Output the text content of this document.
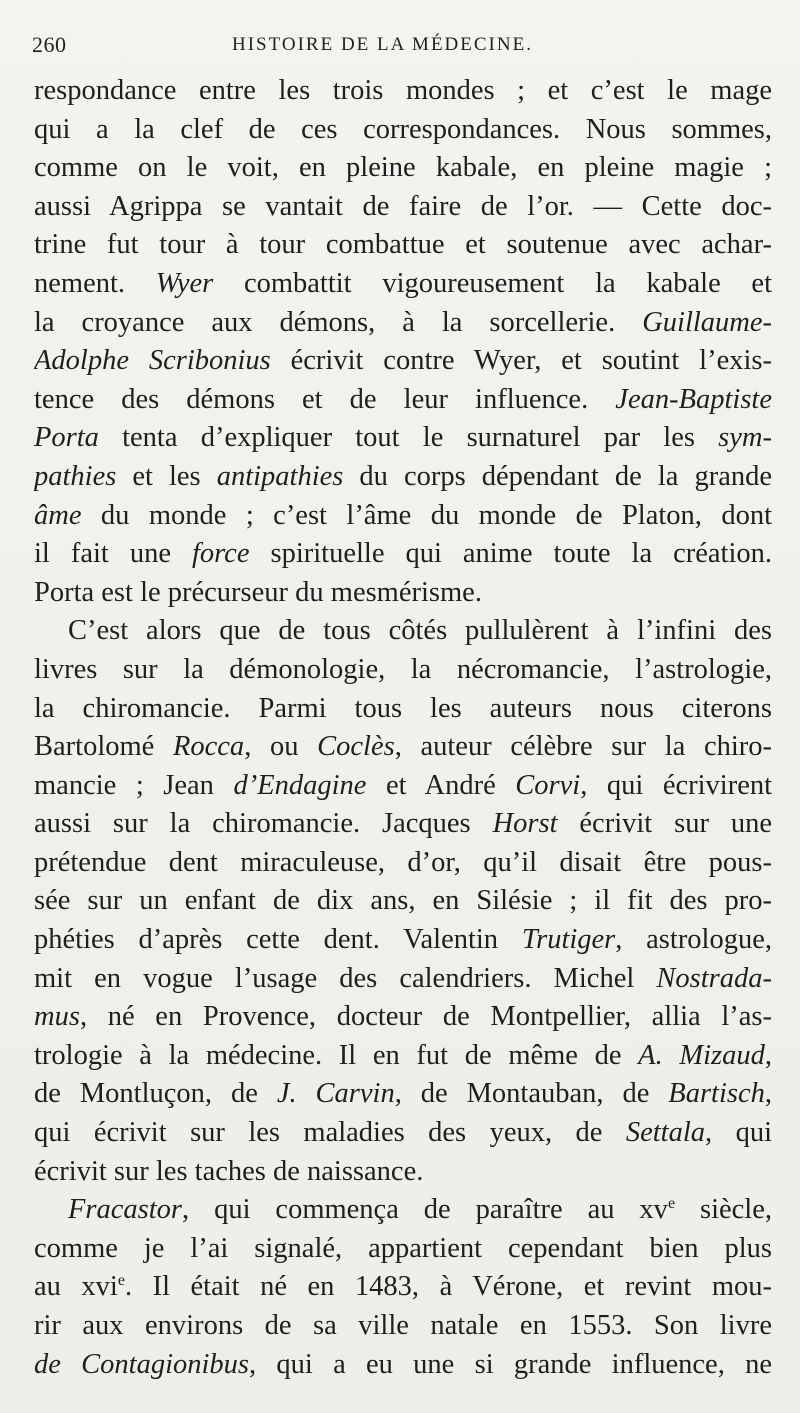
260	HISTOIRE DE LA MÉDECINE.
respondance entre les trois mondes ; et c’est le mage
qui a la clef de ces correspondances. Nous sommes,
comme on le voit, en pleine kabale, en pleine magie ;
aussi Agrippa se vantait de faire de l’or. — Cette doc-
trine fut tour à tour combattue et soutenue avec achar-
nement. Wyer combattit vigoureusement la kabale et
la croyance aux démons, à la sorcellerie. Guillaume-
Adolphe Scribonius écrivit contre Wyer, et soutint l’exis-
tence des démons et de leur influence. Jean-Baptiste
Porta tenta d’expliquer tout le surnaturel par les sym-
pathies et les antipathies du corps dépendant de la grande
âme du monde ; c’est l’âme du monde de Platon, dont
il fait une force spirituelle qui anime toute la création.
Porta est le précurseur du mesmérisme.
C’est alors que de tous côtés pullulèrent à l’infini des
livres sur la démonologie, la nécromancie, l’astrologie,
la chiromancie. Parmi tous les auteurs nous citerons
Bartolomé Rocca, ou Coclès, auteur célèbre sur la chiro-
mancie ; Jean d’Endagine et André Corvi, qui écrivirent
aussi sur la chiromancie. Jacques Horst écrivit sur une
prétendue dent miraculeuse, d’or, qu’il disait être pous-
sée sur un enfant de dix ans, en Silésie ; il fit des pro-
phéties d’après cette dent. Valentin Trutiger, astrologue,
mit en vogue l’usage des calendriers. Michel Nostrada-
mus, né en Provence, docteur de Montpellier, allia l’as-
trologie à la médecine. Il en fut de même de A. Mizaud,
de Montluçon, de J. Carvin, de Montauban, de Bartisch,
qui écrivit sur les maladies des yeux, de Settala, qui
écrivit sur les taches de naissance.
Fracastor, qui commença de paraître au $xv^e$ siècle,
comme je l’ai signalé, appartient cependant bien plus
au xvi$^e$. Il était né en 1483, à Vérone, et revint mou-
rir aux environs de sa ville natale en 1553. Son livre
de Contagionibus, qui a eu une si grande influence, ne
